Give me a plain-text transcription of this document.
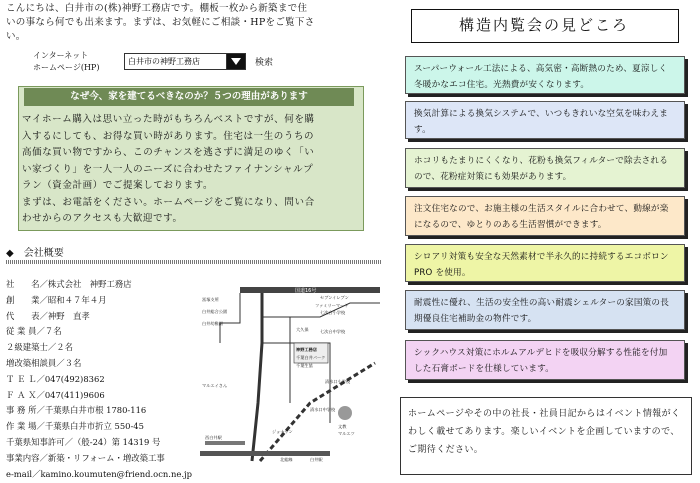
こんにちは、白井市の(株)神野工務店です。棚板一枚から新築まで住
いの事なら何でも出来ます。まずは、お気軽にご相談・HPをご覧下さ
い。
インターネット
ホームページ(HP)
白井市の神野工務店	検索
なぜ今、家を建てるべきなのか？５つの理由があります
マイホーム購入は思い立った時がもちろんベストですが、何を購
入するにしても、お得な買い時があります。住宅は一生のうちの
高価な買い物ですから、このチャンスを逃さずに満足のゆく「い
い家づくり」を一人一人のニーズに合わせたファイナンシャルプ
ラン（資金計画）でご提案しております。
まずは、お電話をください。ホームページをご覧になり、問い合
わせからのアクセスも大歓迎です。
◆　会社概要
社　　名／株式会社　神野工務店
創　　業／昭和４７年４月
代　　表／神野　直孝
従 業 員／７名
２級建築士／２名
増改築相談員／３名
Ｔ Ｅ Ｌ／047(492)8362
Ｆ Ａ Ｘ／047(411)9606
事 務 所／千葉県白井市根 1780-116
作 業 場／千葉県白井市折立 550-45
千葉県知事許可／（般-24）第 14319 号
事業内容／新築・リフォーム・増改築工事
e-mail／kamino.koumuten@friend.ocn.ne.jp
国道16号
冨塚支所
白井総合公園
白井幼稚園
セブンイレブン
ファミリーマート
七次台小学校
七次台中学校
大久保
神野工務店
千葉白井パーク
千葉生協
マルエイさん
清水口小学校
清水口中学校
文教
マルエツ
ジョナサン
西白井駅
北総線	白井駅
構造内覧会の見どころ
スーパーウォール工法による、高気密・高断熱のため、夏涼しく冬暖かなエコ住宅。光熱費が安くなります。
換気計算による換気システムで、いつもきれいな空気を味わえます。
ホコリもたまりにくくなり、花粉も換気フィルターで除去されるので、花粉症対策にも効果があります。
注文住宅なので、お施主様の生活スタイルに合わせて、動線が楽になるので、ゆとりのある生活習慣ができます。
シロアリ対策も安全な天然素材で半永久的に持続するエコボロン PRO を使用。
耐震性に優れ、生活の安全性の高い耐震シェルターの家国策の長期優良住宅補助金の物件です。
シックハウス対策にホルムアルデヒドを吸収分解する性能を付加した石膏ボードを仕様しています。
ホームページやその中の社長・社員日記からはイベント情報がくわしく載せてあります。楽しいイベントを企画していますので、ご期待ください。
